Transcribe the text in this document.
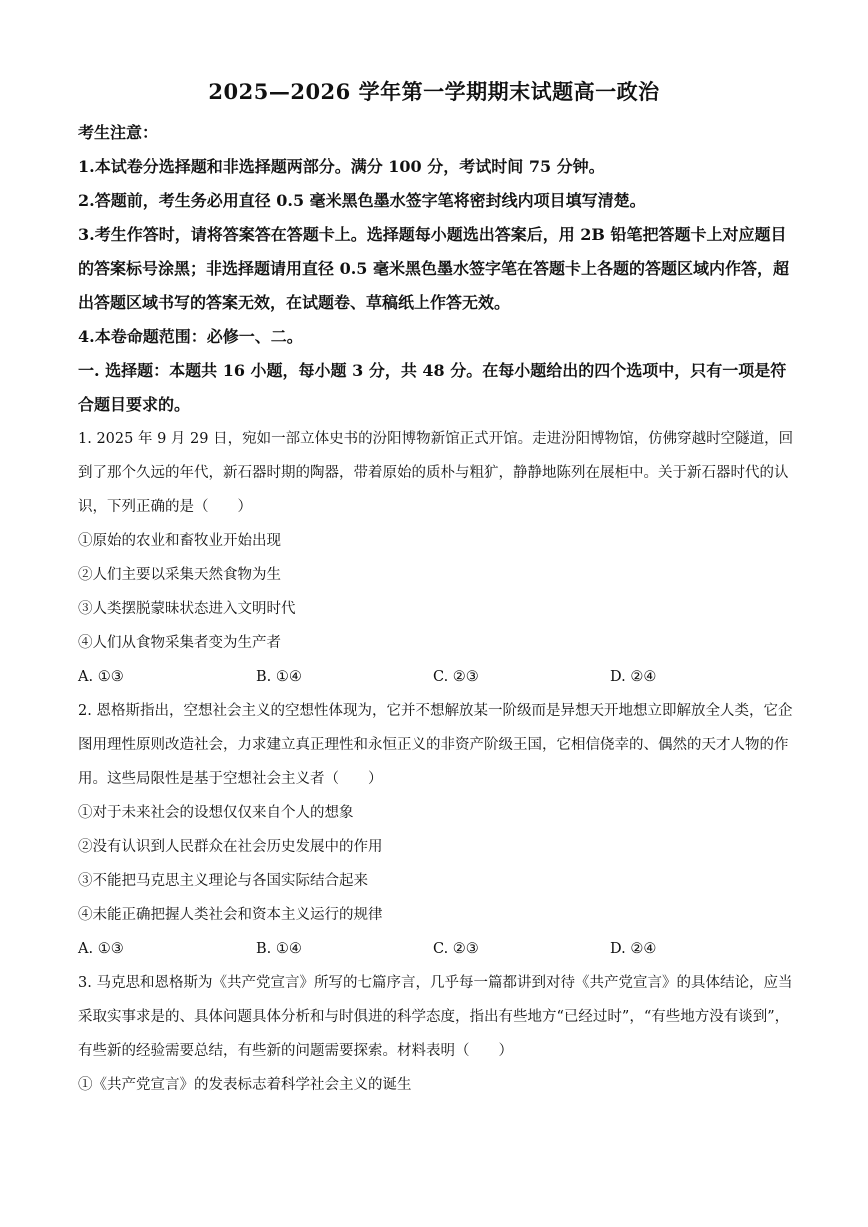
2025—2026 学年第一学期期末试题高一政治

考生注意：

1.本试卷分选择题和非选择题两部分。满分 100 分，考试时间 75 分钟。

2.答题前，考生务必用直径 0.5 毫米黑色墨水签字笔将密封线内项目填写清楚。

3.考生作答时，请将答案答在答题卡上。选择题每小题选出答案后，用 2B 铅笔把答题卡上对应题目的答案标号涂黑；非选择题请用直径 0.5 毫米黑色墨水签字笔在答题卡上各题的答题区域内作答，超出答题区域书写的答案无效，在试题卷、草稿纸上作答无效。

4.本卷命题范围：必修一、二。

一. 选择题：本题共 16 小题，每小题 3 分，共 48 分。在每小题给出的四个选项中，只有一项是符合题目要求的。

1. 2025 年 9 月 29 日，宛如一部立体史书的汾阳博物新馆正式开馆。走进汾阳博物馆，仿佛穿越时空隧道，回到了那个久远的年代，新石器时期的陶器，带着原始的质朴与粗犷，静静地陈列在展柜中。关于新石器时代的认识，下列正确的是（　　）

①原始的农业和畜牧业开始出现

②人们主要以采集天然食物为生

③人类摆脱蒙昧状态进入文明时代

④人们从食物采集者变为生产者

A. ①③	B. ①④	C. ②③	D. ②④

2. 恩格斯指出，空想社会主义的空想性体现为，它并不想解放某一阶级而是异想天开地想立即解放全人类，它企图用理性原则改造社会，力求建立真正理性和永恒正义的非资产阶级王国，它相信侥幸的、偶然的天才人物的作用。这些局限性是基于空想社会主义者（　　）

①对于未来社会的设想仅仅来自个人的想象

②没有认识到人民群众在社会历史发展中的作用

③不能把马克思主义理论与各国实际结合起来

④未能正确把握人类社会和资本主义运行的规律

A. ①③	B. ①④	C. ②③	D. ②④

3. 马克思和恩格斯为《共产党宣言》所写的七篇序言，几乎每一篇都讲到对待《共产党宣言》的具体结论，应当采取实事求是的、具体问题具体分析和与时俱进的科学态度，指出有些地方“已经过时”，“有些地方没有谈到”，有些新的经验需要总结，有些新的问题需要探索。材料表明（　　）

①《共产党宣言》的发表标志着科学社会主义的诞生
